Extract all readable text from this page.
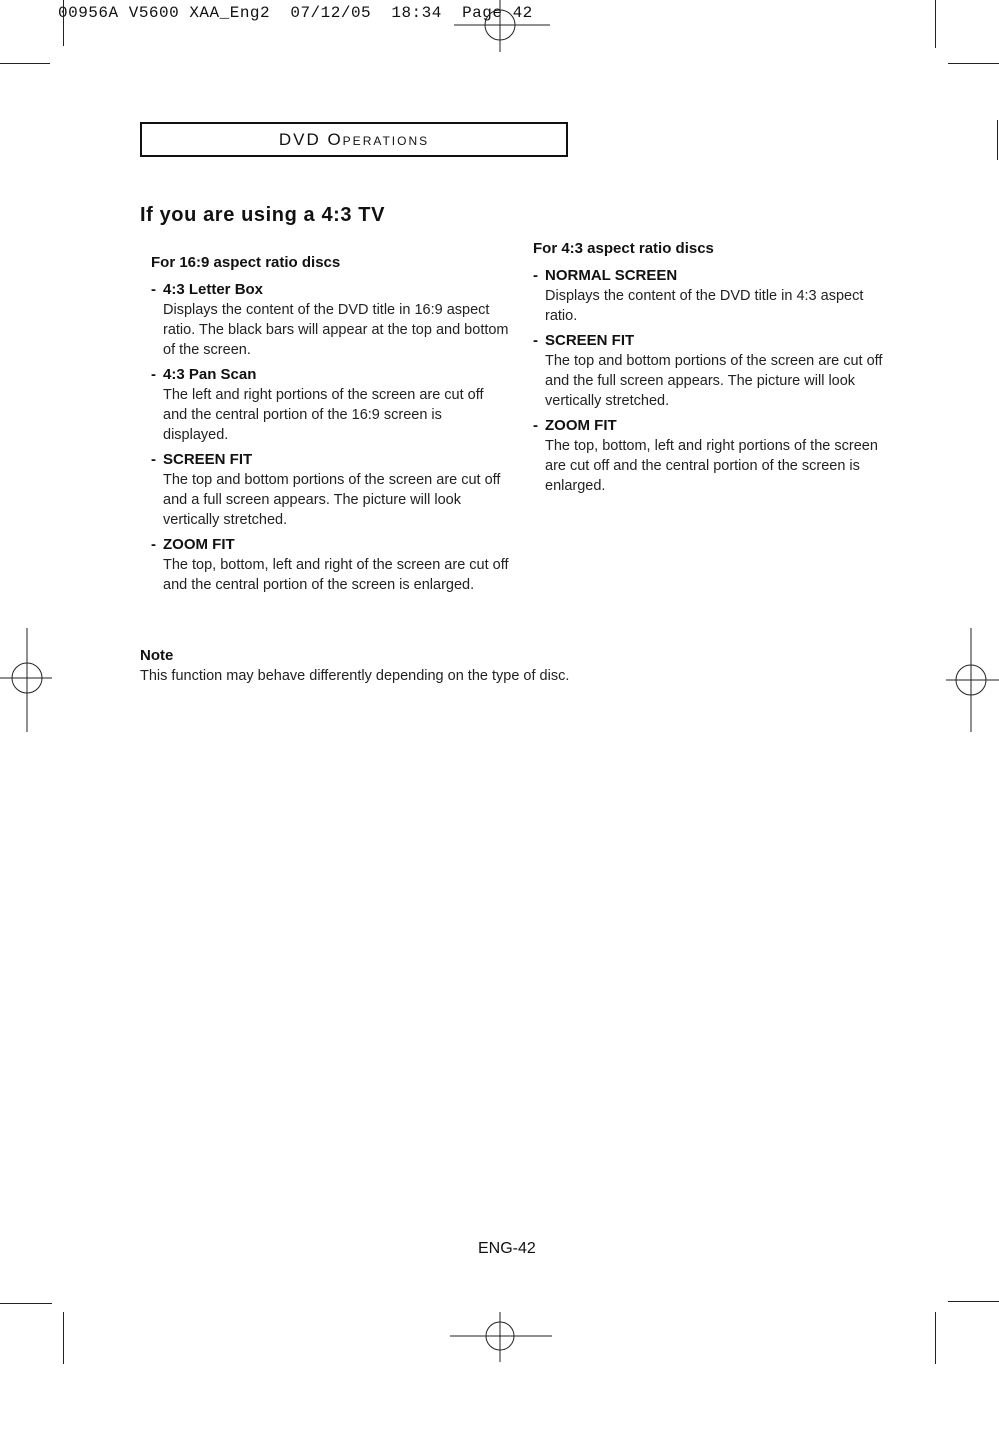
00956A V5600 XAA_Eng2  07/12/05  18:34  Page 42
DVD Operations
If you are using a 4:3 TV
For 16:9 aspect ratio discs
- 4:3 Letter Box
Displays the content of the DVD title in 16:9 aspect ratio. The black bars will appear at the top and bottom of the screen.
- 4:3 Pan Scan
The left and right portions of the screen are cut off and the central portion of the 16:9 screen is displayed.
- SCREEN FIT
The top and bottom portions of the screen are cut off and a full screen appears. The picture will look vertically stretched.
- ZOOM FIT
The top, bottom, left and right of the screen are cut off and the central portion of the screen is enlarged.
For 4:3 aspect ratio discs
- NORMAL SCREEN
Displays the content of the DVD title in 4:3 aspect ratio.
- SCREEN FIT
The top and bottom portions of the screen are cut off and the full screen appears. The picture will look vertically stretched.
- ZOOM FIT
The top, bottom, left and right portions of the screen are cut off and the central portion of the screen is enlarged.
Note
This function may behave differently depending on the type of disc.
ENG-42
